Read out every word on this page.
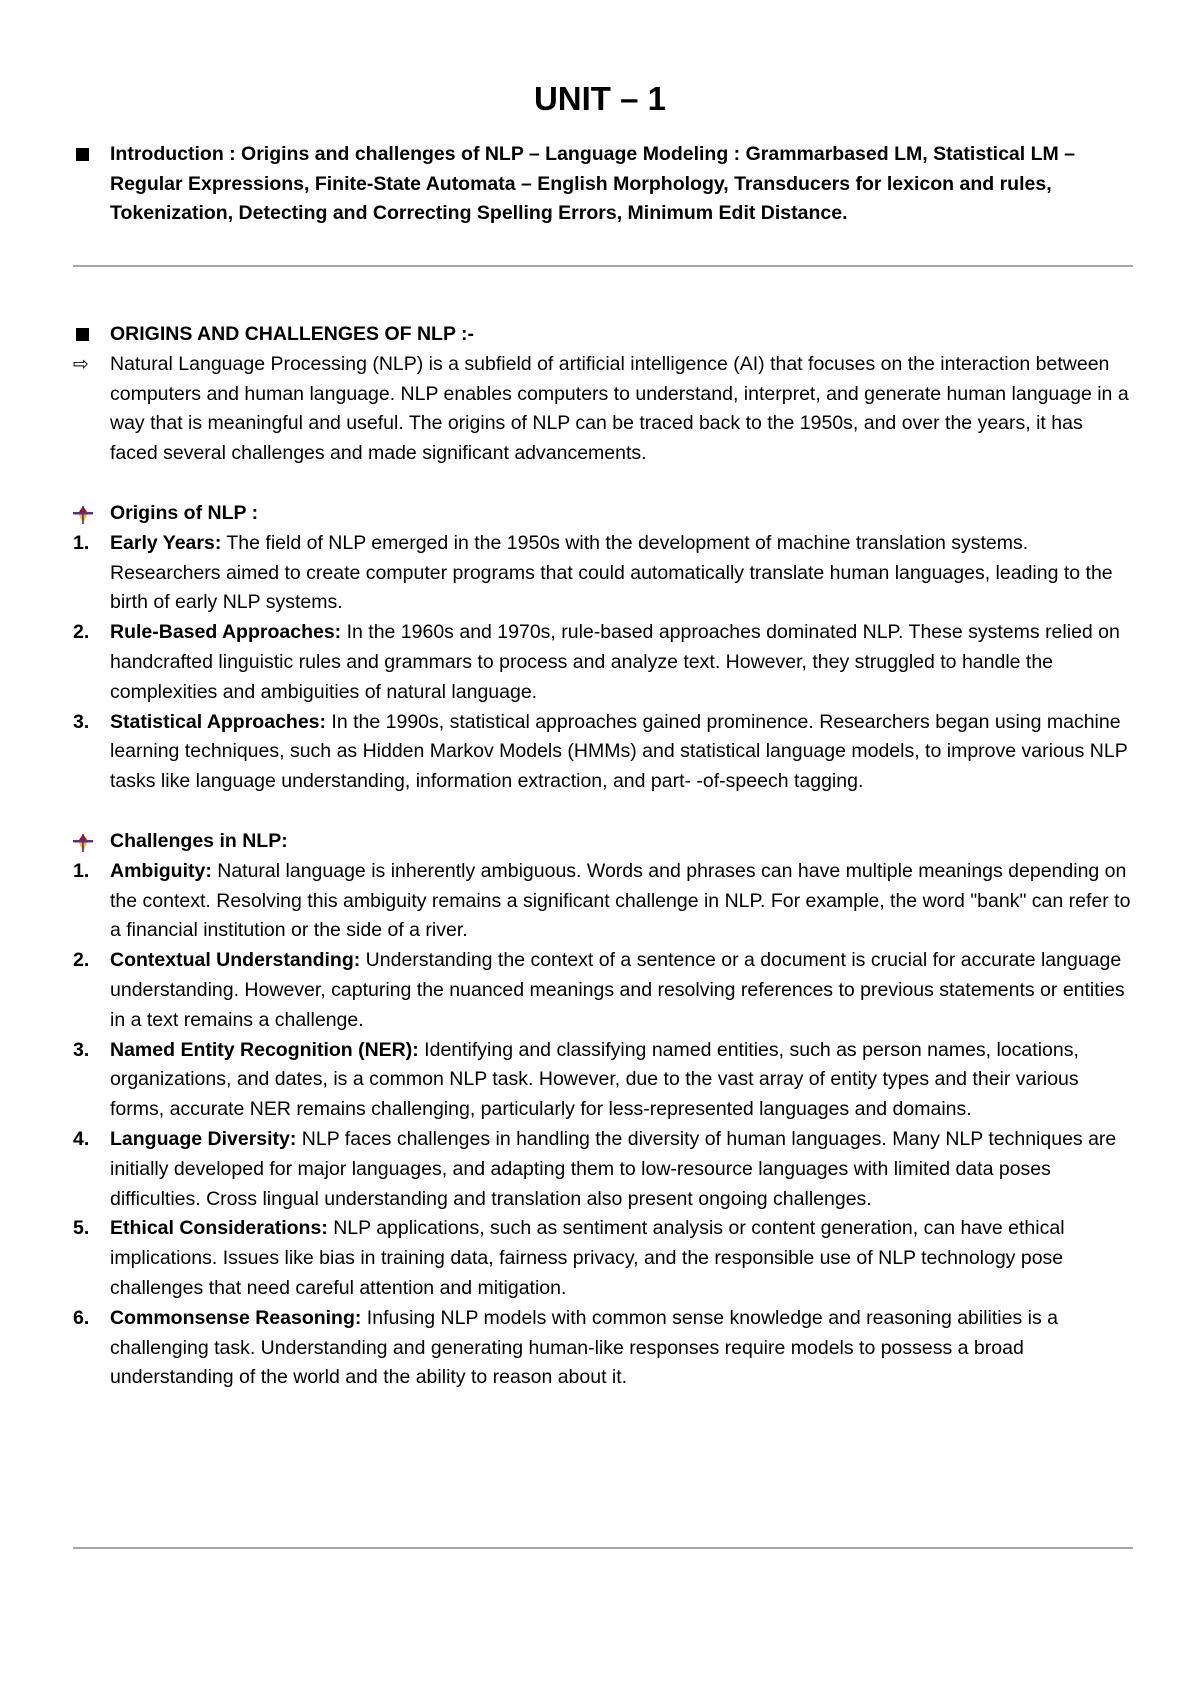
UNIT – 1
Introduction : Origins and challenges of NLP – Language Modeling : Grammarbased LM, Statistical LM – Regular Expressions, Finite-State Automata – English Morphology, Transducers for lexicon and rules, Tokenization, Detecting and Correcting Spelling Errors, Minimum Edit Distance.
ORIGINS AND CHALLENGES OF NLP :-
⇨ Natural Language Processing (NLP) is a subfield of artificial intelligence (AI) that focuses on the interaction between computers and human language. NLP enables computers to understand, interpret, and generate human language in a way that is meaningful and useful. The origins of NLP can be traced back to the 1950s, and over the years, it has faced several challenges and made significant advancements.
Origins of NLP :
1. Early Years: The field of NLP emerged in the 1950s with the development of machine translation systems. Researchers aimed to create computer programs that could automatically translate human languages, leading to the birth of early NLP systems.
2. Rule-Based Approaches: In the 1960s and 1970s, rule-based approaches dominated NLP. These systems relied on handcrafted linguistic rules and grammars to process and analyze text. However, they struggled to handle the complexities and ambiguities of natural language.
3. Statistical Approaches: In the 1990s, statistical approaches gained prominence. Researchers began using machine learning techniques, such as Hidden Markov Models (HMMs) and statistical language models, to improve various NLP tasks like language understanding, information extraction, and part- -of-speech tagging.
Challenges in NLP:
1. Ambiguity: Natural language is inherently ambiguous. Words and phrases can have multiple meanings depending on the context. Resolving this ambiguity remains a significant challenge in NLP. For example, the word "bank" can refer to a financial institution or the side of a river.
2. Contextual Understanding: Understanding the context of a sentence or a document is crucial for accurate language understanding. However, capturing the nuanced meanings and resolving references to previous statements or entities in a text remains a challenge.
3. Named Entity Recognition (NER): Identifying and classifying named entities, such as person names, locations, organizations, and dates, is a common NLP task. However, due to the vast array of entity types and their various forms, accurate NER remains challenging, particularly for less-represented languages and domains.
4. Language Diversity: NLP faces challenges in handling the diversity of human languages. Many NLP techniques are initially developed for major languages, and adapting them to low-resource languages with limited data poses difficulties. Cross lingual understanding and translation also present ongoing challenges.
5. Ethical Considerations: NLP applications, such as sentiment analysis or content generation, can have ethical implications. Issues like bias in training data, fairness privacy, and the responsible use of NLP technology pose challenges that need careful attention and mitigation.
6. Commonsense Reasoning: Infusing NLP models with common sense knowledge and reasoning abilities is a challenging task. Understanding and generating human-like responses require models to possess a broad understanding of the world and the ability to reason about it.
